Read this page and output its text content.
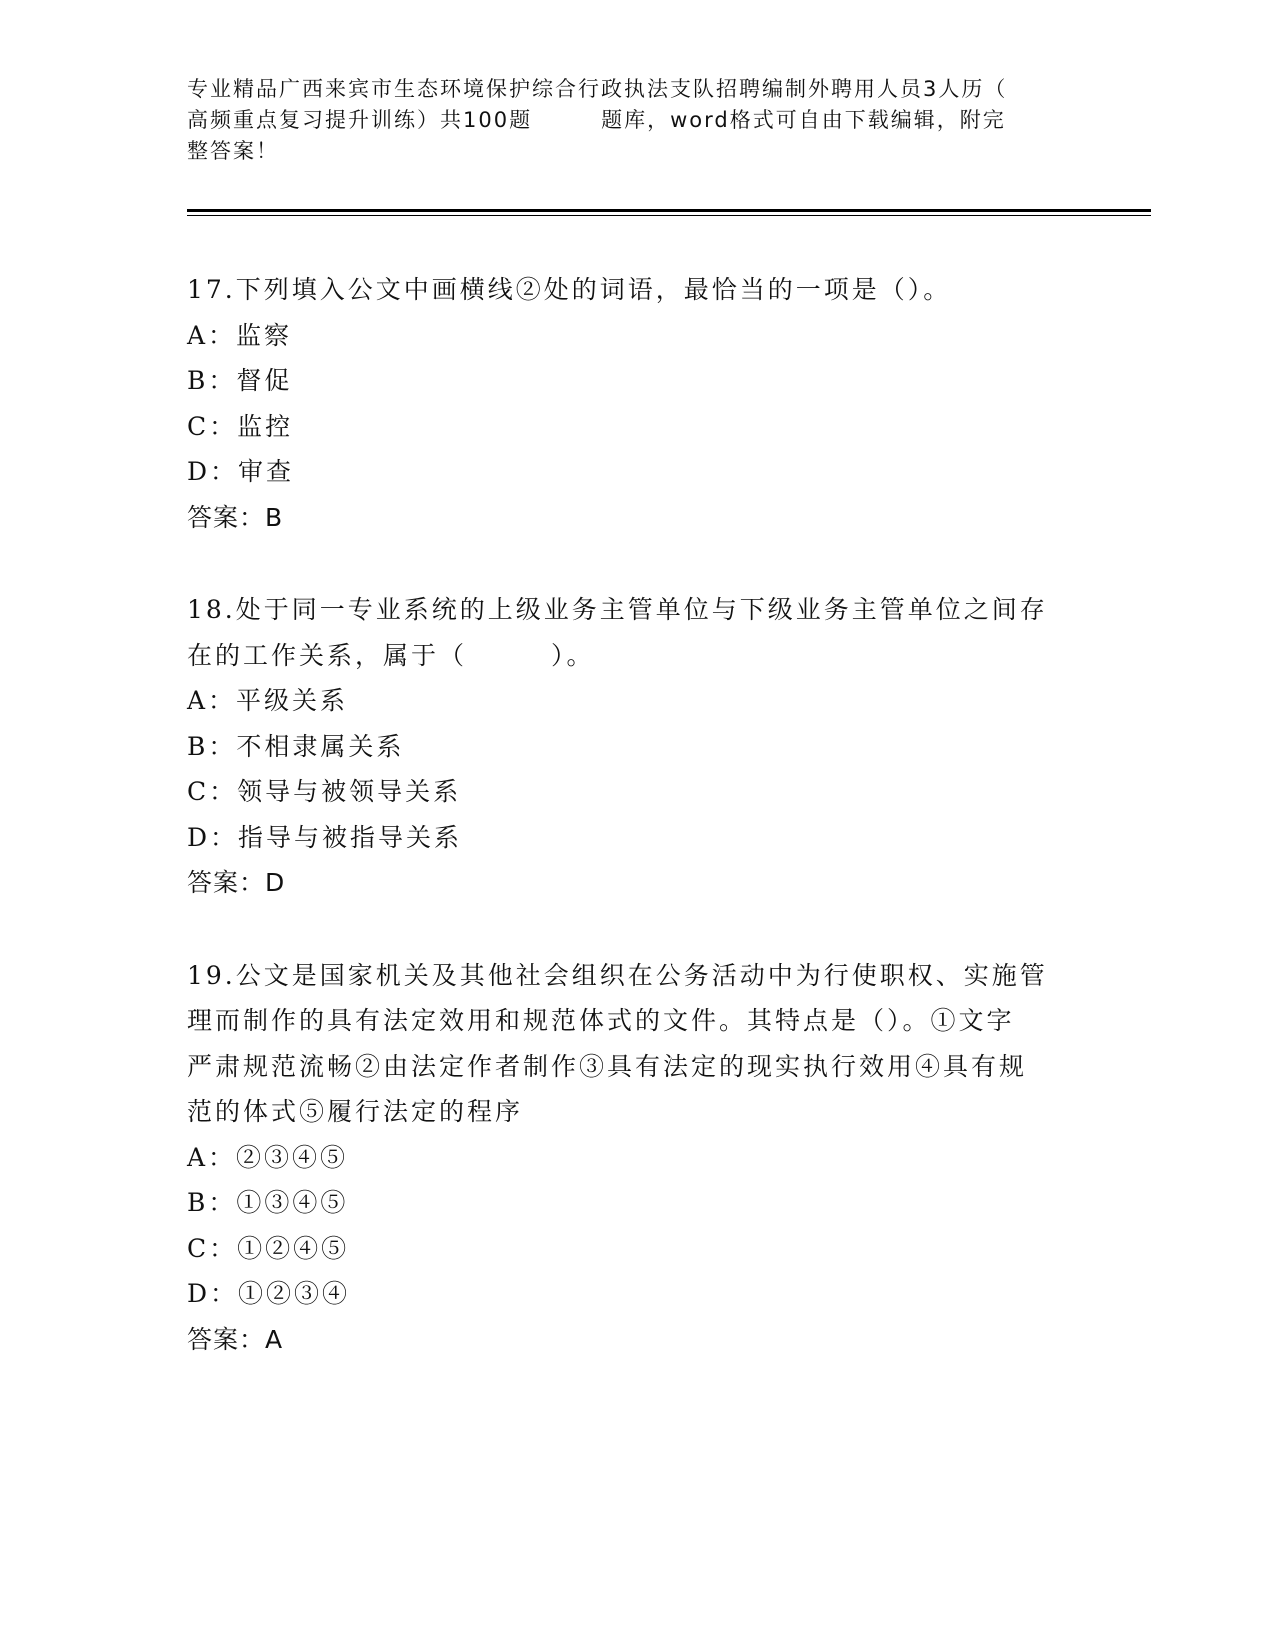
专业精品广西来宾市生态环境保护综合行政执法支队招聘编制外聘用人员3人历（
高频重点复习提升训练）共100题　　　题库，word格式可自由下载编辑，附完
整答案！
17.下列填入公文中画横线②处的词语，最恰当的一项是（）。
A：监察
B：督促
C：监控
D：审查
答案：B
18.处于同一专业系统的上级业务主管单位与下级业务主管单位之间存
在的工作关系，属于（　　　）。
A：平级关系
B：不相隶属关系
C：领导与被领导关系
D：指导与被指导关系
答案：D
19.公文是国家机关及其他社会组织在公务活动中为行使职权、实施管
理而制作的具有法定效用和规范体式的文件。其特点是（）。①文字
严肃规范流畅②由法定作者制作③具有法定的现实执行效用④具有规
范的体式⑤履行法定的程序
A：②③④⑤
B：①③④⑤
C：①②④⑤
D：①②③④
答案：A
